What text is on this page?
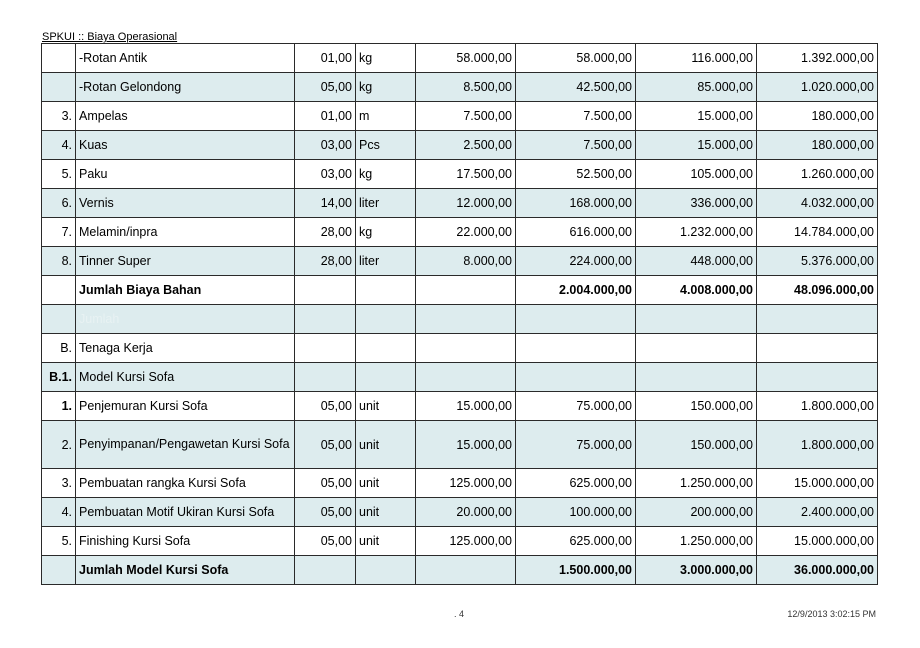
SPKUI :: Biaya Operasional
	-Rotan Antik	01,00	kg	58.000,00	58.000,00	116.000,00	1.392.000,00
	-Rotan Gelondong	05,00	kg	8.500,00	42.500,00	85.000,00	1.020.000,00
3.	Ampelas	01,00	m	7.500,00	7.500,00	15.000,00	180.000,00
4.	Kuas	03,00	Pcs	2.500,00	7.500,00	15.000,00	180.000,00
5.	Paku	03,00	kg	17.500,00	52.500,00	105.000,00	1.260.000,00
6.	Vernis	14,00	liter	12.000,00	168.000,00	336.000,00	4.032.000,00
7.	Melamin/inpra	28,00	kg	22.000,00	616.000,00	1.232.000,00	14.784.000,00
8.	Tinner Super	28,00	liter	8.000,00	224.000,00	448.000,00	5.376.000,00
	Jumlah Biaya Bahan				2.004.000,00	4.008.000,00	48.096.000,00
	Jumlah						
B.	Tenaga Kerja						
B.1.	Model Kursi Sofa						
1.	Penjemuran Kursi Sofa	05,00	unit	15.000,00	75.000,00	150.000,00	1.800.000,00
2.	Penyimpanan/Pengawetan Kursi Sofa	05,00	unit	15.000,00	75.000,00	150.000,00	1.800.000,00
3.	Pembuatan rangka Kursi Sofa	05,00	unit	125.000,00	625.000,00	1.250.000,00	15.000.000,00
4.	Pembuatan Motif Ukiran Kursi Sofa	05,00	unit	20.000,00	100.000,00	200.000,00	2.400.000,00
5.	Finishing Kursi Sofa	05,00	unit	125.000,00	625.000,00	1.250.000,00	15.000.000,00
	Jumlah Model Kursi Sofa				1.500.000,00	3.000.000,00	36.000.000,00
. 4	12/9/2013 3:02:15 PM
